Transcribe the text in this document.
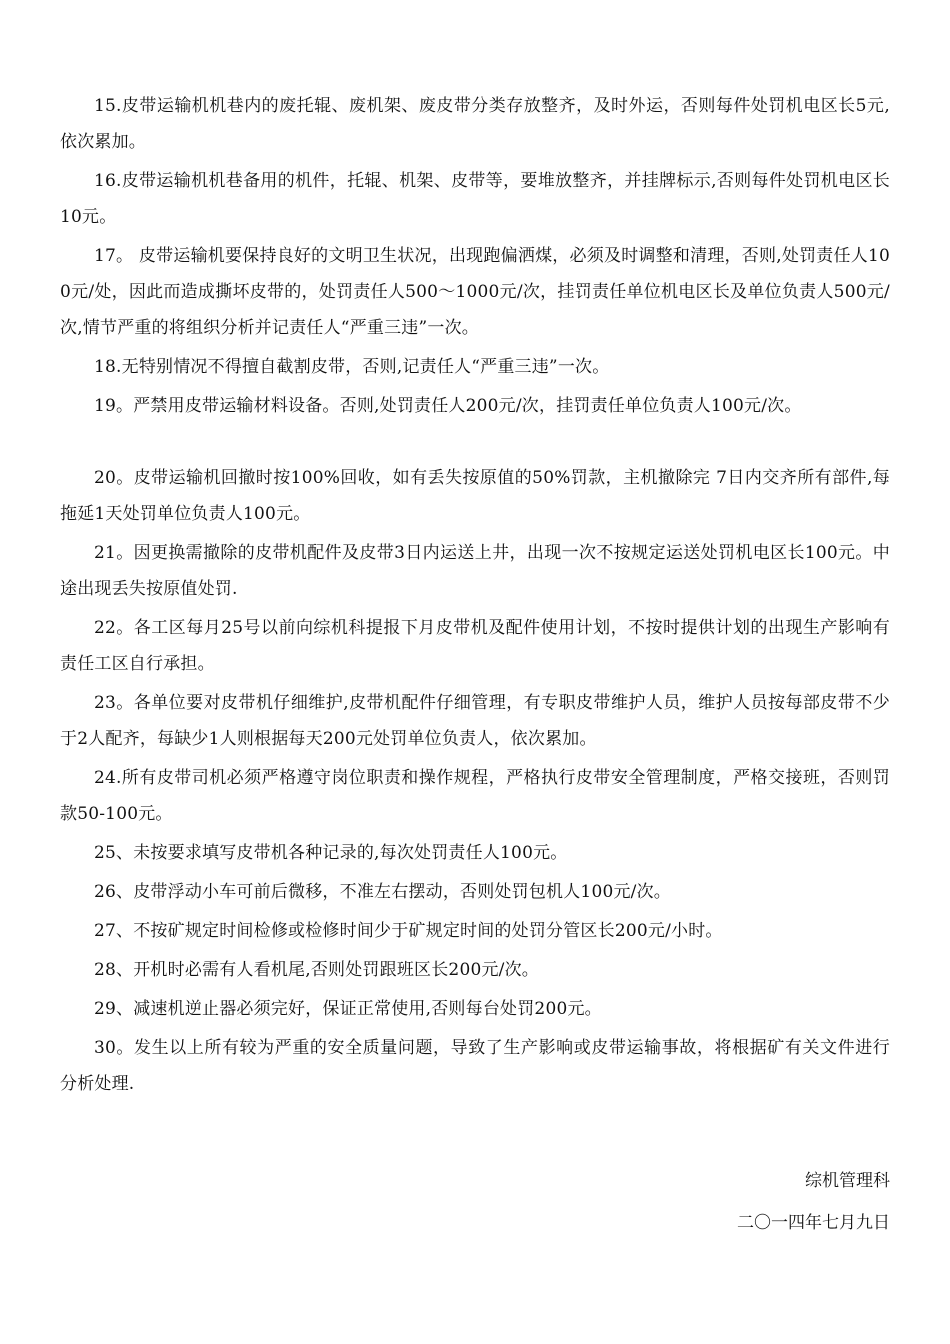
15.皮带运输机机巷内的废托辊、废机架、废皮带分类存放整齐，及时外运，否则每件处罚机电区长5元,依次累加。

16.皮带运输机机巷备用的机件，托辊、机架、皮带等，要堆放整齐，并挂牌标示,否则每件处罚机电区长10元。

17。 皮带运输机要保持良好的文明卫生状况，出现跑偏洒煤，必须及时调整和清理，否则,处罚责任人100元/处，因此而造成撕坏皮带的，处罚责任人500～1000元/次，挂罚责任单位机电区长及单位负责人500元/次,情节严重的将组织分析并记责任人“严重三违”一次。

18.无特别情况不得擅自截割皮带，否则,记责任人“严重三违”一次。

19。严禁用皮带运输材料设备。否则,处罚责任人200元/次，挂罚责任单位负责人100元/次。

20。皮带运输机回撤时按100%回收，如有丢失按原值的50%罚款，主机撤除完 7日内交齐所有部件,每拖延1天处罚单位负责人100元。

21。因更换需撤除的皮带机配件及皮带3日内运送上井，出现一次不按规定运送处罚机电区长100元。中途出现丢失按原值处罚.

22。各工区每月25号以前向综机科提报下月皮带机及配件使用计划，不按时提供计划的出现生产影响有责任工区自行承担。

23。各单位要对皮带机仔细维护,皮带机配件仔细管理，有专职皮带维护人员，维护人员按每部皮带不少于2人配齐，每缺少1人则根据每天200元处罚单位负责人，依次累加。

24.所有皮带司机必须严格遵守岗位职责和操作规程，严格执行皮带安全管理制度，严格交接班，否则罚款50-100元。

25、未按要求填写皮带机各种记录的,每次处罚责任人100元。

26、皮带浮动小车可前后微移，不准左右摆动，否则处罚包机人100元/次。

27、不按矿规定时间检修或检修时间少于矿规定时间的处罚分管区长200元/小时。

28、开机时必需有人看机尾,否则处罚跟班区长200元/次。

29、减速机逆止器必须完好，保证正常使用,否则每台处罚200元。

30。发生以上所有较为严重的安全质量问题，导致了生产影响或皮带运输事故，将根据矿有关文件进行分析处理.

综机管理科

二〇一四年七月九日
